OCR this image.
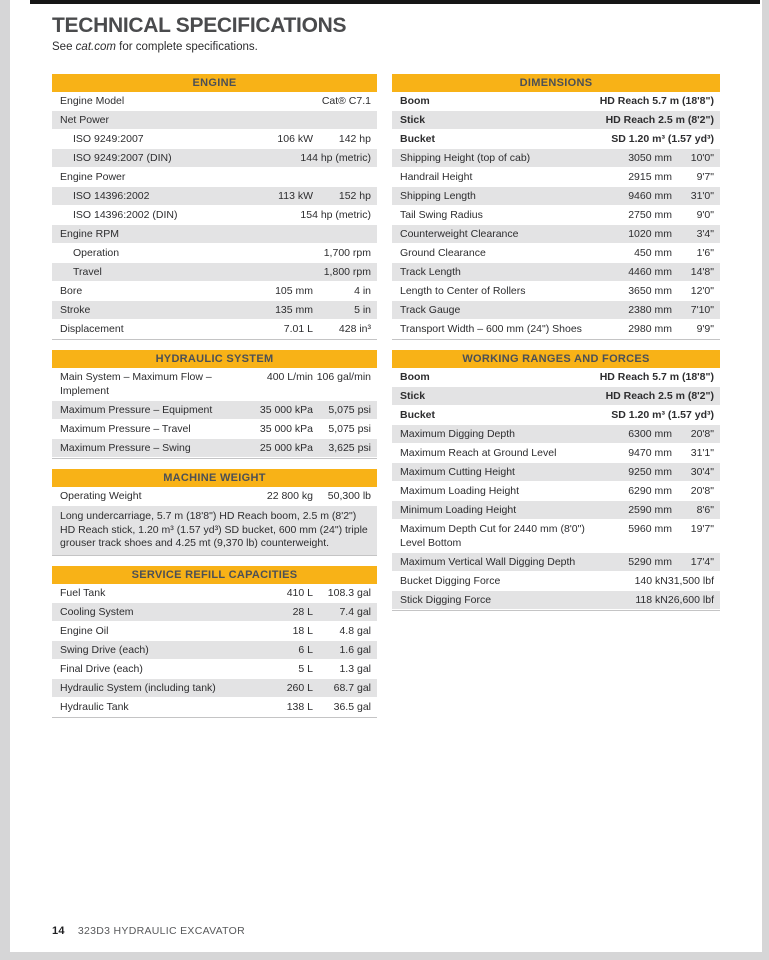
TECHNICAL SPECIFICATIONS

See cat.com for complete specifications.

ENGINE
Engine Model	Cat® C7.1
Net Power
ISO 9249:2007	106 kW	142 hp
ISO 9249:2007 (DIN)	144 hp (metric)
Engine Power
ISO 14396:2002	113 kW	152 hp
ISO 14396:2002 (DIN)	154 hp (metric)
Engine RPM
Operation	1,700 rpm
Travel	1,800 rpm
Bore	105 mm	4 in
Stroke	135 mm	5 in
Displacement	7.01 L	428 in³
HYDRAULIC SYSTEM
Main System – Maximum Flow – Implement
400 L/min 106 gal/min
Maximum Pressure – Equipment	35 000 kPa	5,075 psi
Maximum Pressure – Travel	35 000 kPa	5,075 psi
Maximum Pressure – Swing	25 000 kPa	3,625 psi
MACHINE WEIGHT
Operating Weight	22 800 kg	50,300 lb
Long undercarriage, 5.7 m (18'8") HD Reach boom, 2.5 m (8'2") HD Reach stick, 1.20 m³ (1.57 yd³) SD bucket, 600 mm (24") triple grouser track shoes and 4.25 mt (9,370 lb) counterweight.
SERVICE REFILL CAPACITIES
Fuel Tank	410 L	108.3 gal
Cooling System	28 L	7.4 gal
Engine Oil	18 L	4.8 gal
Swing Drive (each)	6 L	1.6 gal
Final Drive (each)	5 L	1.3 gal
Hydraulic System (including tank)	260 L	68.7 gal
Hydraulic Tank	138 L	36.5 gal
DIMENSIONS
Boom	HD Reach 5.7 m (18'8")
Stick	HD Reach 2.5 m (8'2")
Bucket	SD 1.20 m³ (1.57 yd³)
Shipping Height (top of cab)	3050 mm	10'0"
Handrail Height	2915 mm	9'7"
Shipping Length	9460 mm	31'0"
Tail Swing Radius	2750 mm	9'0"
Counterweight Clearance	1020 mm	3'4"
Ground Clearance	450 mm	1'6"
Track Length	4460 mm	14'8"
Length to Center of Rollers	3650 mm	12'0"
Track Gauge	2380 mm	7'10"
Transport Width – 600 mm (24") Shoes	2980 mm	9'9"
WORKING RANGES AND FORCES
Boom	HD Reach 5.7 m (18'8")
Stick	HD Reach 2.5 m (8'2")
Bucket	SD 1.20 m³ (1.57 yd³)
Maximum Digging Depth	6300 mm	20'8"
Maximum Reach at Ground Level	9470 mm	31'1"
Maximum Cutting Height	9250 mm	30'4"
Maximum Loading Height	6290 mm	20'8"
Minimum Loading Height	2590 mm	8'6"
Maximum Depth Cut for 2440 mm (8'0") Level Bottom
5960 mm	19'7"
Maximum Vertical Wall Digging Depth	5290 mm	17'4"
Bucket Digging Force	140 kN 31,500 lbf
Stick Digging Force	118 kN 26,600 lbf
14 323D3 HYDRAULIC EXCAVATOR
